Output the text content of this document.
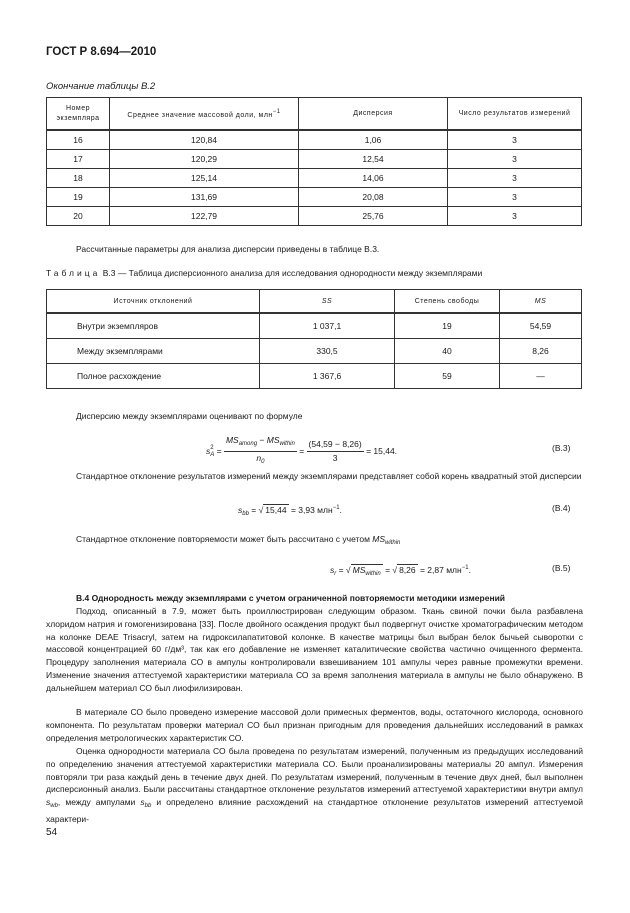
ГОСТ Р 8.694—2010
Окончание таблицы В.2
Номер экземпляра	Среднее значение массовой доли, млн−1	Дисперсия	Число результатов измерений
16	120,84	1,06	3
17	120,29	12,54	3
18	125,14	14,06	3
19	131,69	20,08	3
20	122,79	25,76	3
Рассчитанные параметры для анализа дисперсии приведены в таблице В.3.
Таблица В.3 — Таблица дисперсионного анализа для исследования однородности между экземплярами
Источник отклонений	SS	Степень свободы	MS
Внутри экземпляров	1 037,1	19	54,59
Между экземплярами	330,5	40	8,26
Полное расхождение	1 367,6	59	—
Дисперсию между экземплярами оценивают по формуле
s 2
$A = \frac{MS_{among} - MS_{within}}{n_0} = \frac{(54,59 - 8,26)}{3} = 15,44$.	(В.3)
Стандартное отклонение результатов измерений между экземплярами представляет собой корень квадратный этой дисперсии
$s_{bb}$ = √ 15,44 = 3,93 млн$^{-1}$.	(В.4)
Стандартное отклонение повторяемости может быть рассчитано с учетом $MS_{within}$
$s_r$ = √ $MS_{within}$ = √ 8,26 = 2,87 млн$^{-1}$.	(В.5)
В.4 Однородность между экземплярами с учетом ограниченной повторяемости методики измерений
Подход, описанный в 7.9, может быть проиллюстрирован следующим образом. Ткань свиной почки была разбавлена хлоридом натрия и гомогенизирована [33]. После двойного осаждения продукт был подвергнут очистке хроматографическим методом на колонке DEAE Trisacryl, затем на гидроксилапатитовой колонке. В качестве матрицы был выбран белок бычьей сыворотки с массовой концентрацией 60 г/дм³, так как его добавление не изменяет каталитические свойства частично очищенного фермента. Процедуру заполнения материала СО в ампулы контролировали взвешиванием 101 ампулы через равные промежутки времени. Изменение значения аттестуемой характеристики материала СО за время заполнения материала в ампулы не было обнаружено. В дальнейшем материал СО был лиофилизирован.
В материале СО было проведено измерение массовой доли примесных ферментов, воды, остаточного кислорода, основного компонента. По результатам проверки материал СО был признан пригодным для проведения дальнейших исследований в рамках определения метрологических характеристик СО.
Оценка однородности материала СО была проведена по результатам измерений, полученным из предыдущих исследований по определению значения аттестуемой характеристики материала СО. Были проанализированы материалы 20 ампул. Измерения повторяли три раза каждый день в течение двух дней. По результатам измерений, полученным в течение двух дней, был выполнен дисперсионный анализ. Были рассчитаны стандартное отклонение результатов измерений аттестуемой характеристики внутри ампул $s_{wb}$, между ампулами $s_{bb}$ и определено влияние расхождений на стандартное отклонение результатов измерений аттестуемой характери-
54
